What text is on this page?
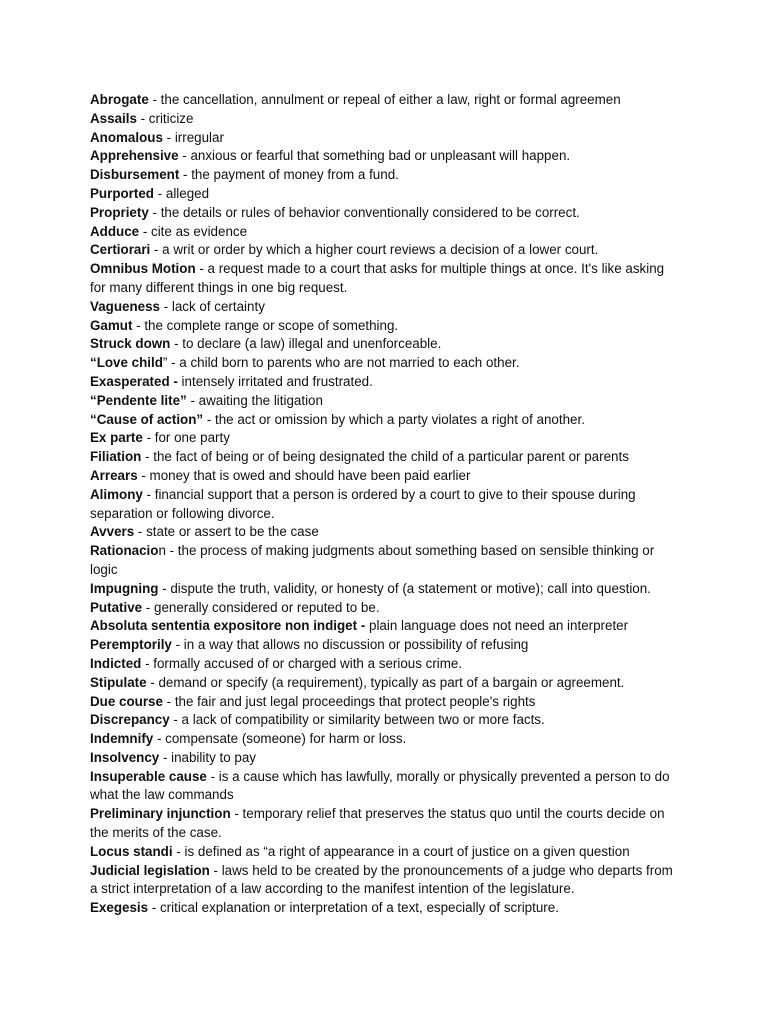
Abrogate - the cancellation, annulment or repeal of either a law, right or formal agreemen
Assails - criticize
Anomalous - irregular
Apprehensive - anxious or fearful that something bad or unpleasant will happen.
Disbursement - the payment of money from a fund.
Purported - alleged
Propriety - the details or rules of behavior conventionally considered to be correct.
Adduce - cite as evidence
Certiorari - a writ or order by which a higher court reviews a decision of a lower court.
Omnibus Motion - a request made to a court that asks for multiple things at once. It's like asking for many different things in one big request.
Vagueness - lack of certainty
Gamut - the complete range or scope of something.
Struck down - to declare (a law) illegal and unenforceable.
“Love child” - a child born to parents who are not married to each other.
Exasperated - intensely irritated and frustrated.
“Pendente lite” - awaiting the litigation
“Cause of action” - the act or omission by which a party violates a right of another.
Ex parte - for one party
Filiation - the fact of being or of being designated the child of a particular parent or parents
Arrears - money that is owed and should have been paid earlier
Alimony - financial support that a person is ordered by a court to give to their spouse during separation or following divorce.
Avvers - state or assert to be the case
Rationacion - the process of making judgments about something based on sensible thinking or logic
Impugning - dispute the truth, validity, or honesty of (a statement or motive); call into question.
Putative - generally considered or reputed to be.
Absoluta sententia expositore non indiget - plain language does not need an interpreter
Peremptorily - in a way that allows no discussion or possibility of refusing
Indicted - formally accused of or charged with a serious crime.
Stipulate - demand or specify (a requirement), typically as part of a bargain or agreement.
Due course - the fair and just legal proceedings that protect people's rights
Discrepancy - a lack of compatibility or similarity between two or more facts.
Indemnify - compensate (someone) for harm or loss.
Insolvency - inability to pay
Insuperable cause - is a cause which has lawfully, morally or physically prevented a person to do what the law commands
Preliminary injunction - temporary relief that preserves the status quo until the courts decide on the merits of the case.
Locus standi - is defined as “a right of appearance in a court of justice on a given question
Judicial legislation - laws held to be created by the pronouncements of a judge who departs from a strict interpretation of a law according to the manifest intention of the legislature.
Exegesis - critical explanation or interpretation of a text, especially of scripture.
